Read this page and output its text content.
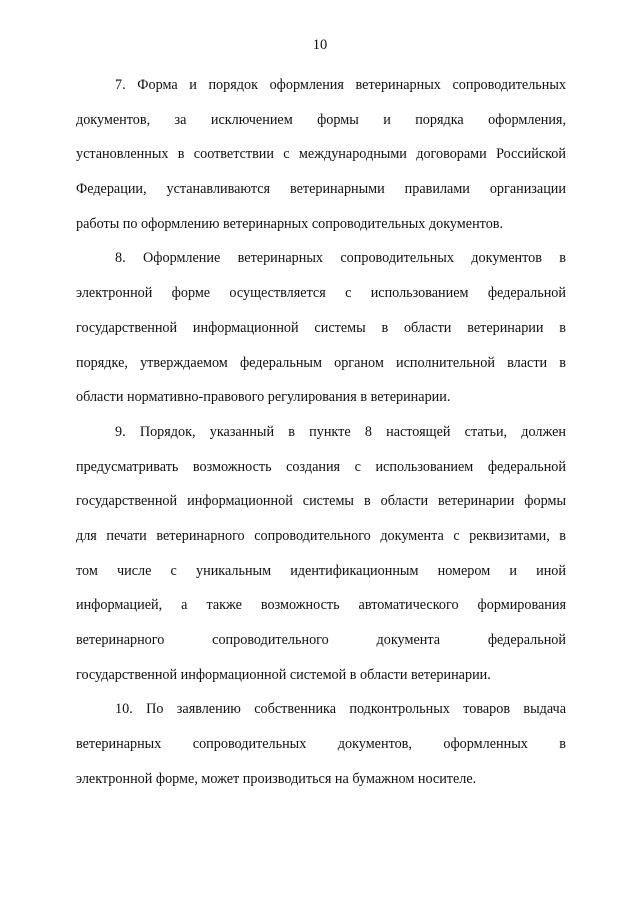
10
7. Форма и порядок оформления ветеринарных сопроводительных
документов, за исключением формы и порядка оформления,
установленных в соответствии с международными договорами Российской
Федерации, устанавливаются ветеринарными правилами организации
работы по оформлению ветеринарных сопроводительных документов.
8. Оформление ветеринарных сопроводительных документов в
электронной форме осуществляется с использованием федеральной
государственной информационной системы в области ветеринарии в
порядке, утверждаемом федеральным органом исполнительной власти в
области нормативно-правового регулирования в ветеринарии.
9. Порядок, указанный в пункте 8 настоящей статьи, должен
предусматривать возможность создания с использованием федеральной
государственной информационной системы в области ветеринарии формы
для печати ветеринарного сопроводительного документа с реквизитами, в
том числе с уникальным идентификационным номером и иной
информацией, а также возможность автоматического формирования
ветеринарного сопроводительного документа федеральной
государственной информационной системой в области ветеринарии.
10. По заявлению собственника подконтрольных товаров выдача
ветеринарных сопроводительных документов, оформленных в
электронной форме, может производиться на бумажном носителе.
